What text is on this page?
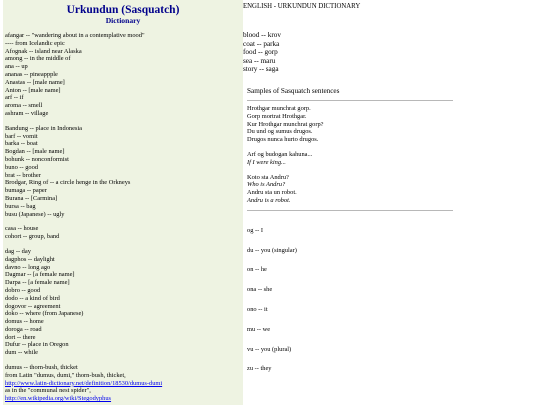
Urkundun (Sasquatch)
Dictionary
afangar -- "wandering about in a contemplative mood"
---- from Icelandic epic
Afognak -- island near Alaska
among -- in the middle of
ana -- up
ananas -- pineappple
Anastas -- [male name]
Anton -- [male name]
arf -- if
aroma -- smell
ashram -- village
Bandung -- place in Indonesia
barf -- vomit
barka -- boat
Bogdan -- [male name]
bohunk -- nonconformist
buno -- good
brat -- brother
Brodgar, Ring of -- a circle henge in the Orkneys
bumaga -- paper
Burana -- [Carmina]
bursa -- bag
busu (Japanese) -- ugly
casa -- house
cohort -- group, band
dag -- day
dagphos -- daylight
davno -- long ago
Dagmar -- [a female name]
Darpa -- [a female name]
dobro -- good
dodo -- a kind of bird
dogovor -- agreement
doko -- where (from Japanese)
domus -- home
doroga -- road
dort -- there
Dufur -- place in Oregon
dum -- while
dumus -- thorn-bush, thicket
from Latin "dumus, dumi," thorn-bush, thicket,
http://www.latin-dictionary.net/definition/18530/dumus-dumi
as in the "communal nest spider",
http://en.wikipedia.org/wiki/Stegodyphus
ENGLISH - URKUNDUN DICTIONARY
blood -- krov
coat -- parka
food -- gorp
sea -- maru
story -- saga
Samples of Sasquatch sentences
Hrothgar munchrat gorp.
Gorp mortrat Hrothgar.
Kur Hrothgar munchrat gorp?
Du und og sumus drugos.
Drugos nunca hurto drugos.
Arf og budogan kahuna...
If I were king...
Koto sta Andru?
Who is Andru?
Andru sta un robot.
Andru is a robot.
og -- I
du -- you (singular)
on -- he
ona -- she
ono -- it
mu -- we
vu -- you (plural)
zu -- they
